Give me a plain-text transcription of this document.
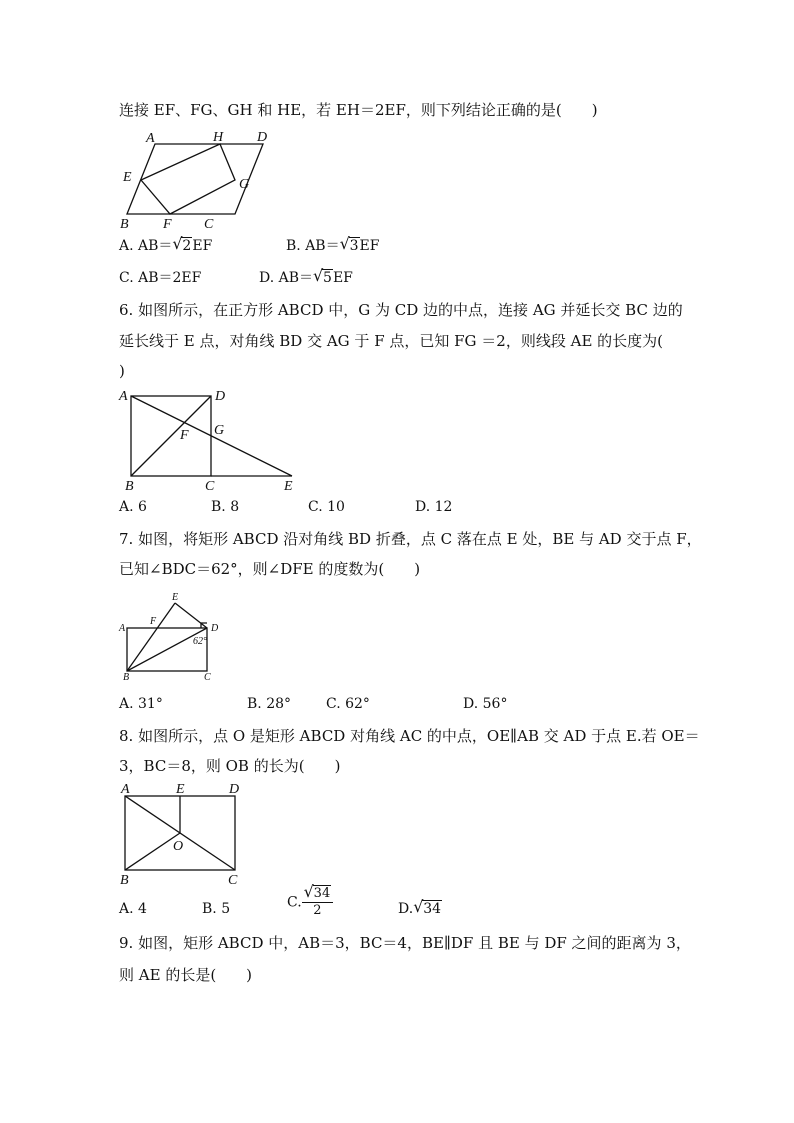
连接 EF、FG、GH 和 HE，若 EH＝2EF，则下列结论正确的是(　　)
A	H D
E	G
B F C
A. AB＝ √ 2EF	B. AB＝ √ 3EF
C. AB＝2EF	D. AB＝ √ 5EF
6. 如图所示，在正方形 ABCD 中，G 为 CD 边的中点，连接 AG 并延长交 BC 边的
延长线于 E 点，对角线 BD 交 AG 于 F 点，已知 FG ＝2，则线段 AE 的长度为(
)
A	D
F G
B	C	E
A. 6	B. 8	C. 10	D. 12
7. 如图，将矩形 ABCD 沿对角线 BD 折叠，点 C 落在点 E 处，BE 与 AD 交于点 F，
已知∠BDC＝62°，则∠DFE 的度数为(　　)
E
A
F
D
62°
B	C
A. 31°	B. 28° C. 62°	D. 56°
8. 如图所示，点 O 是矩形 ABCD 对角线 AC 的中点，OE∥AB 交 AD 于点 E.若 OE＝
3，BC＝8，则 OB 的长为(　　)
A	E	D
O
B	C
A. 4	B. 5	C. $\frac{√ 34}{2}$	D. √ 34
9. 如图，矩形 ABCD 中，AB＝3，BC＝4，BE∥DF 且 BE 与 DF 之间的距离为 3，
则 AE 的长是(　　)
